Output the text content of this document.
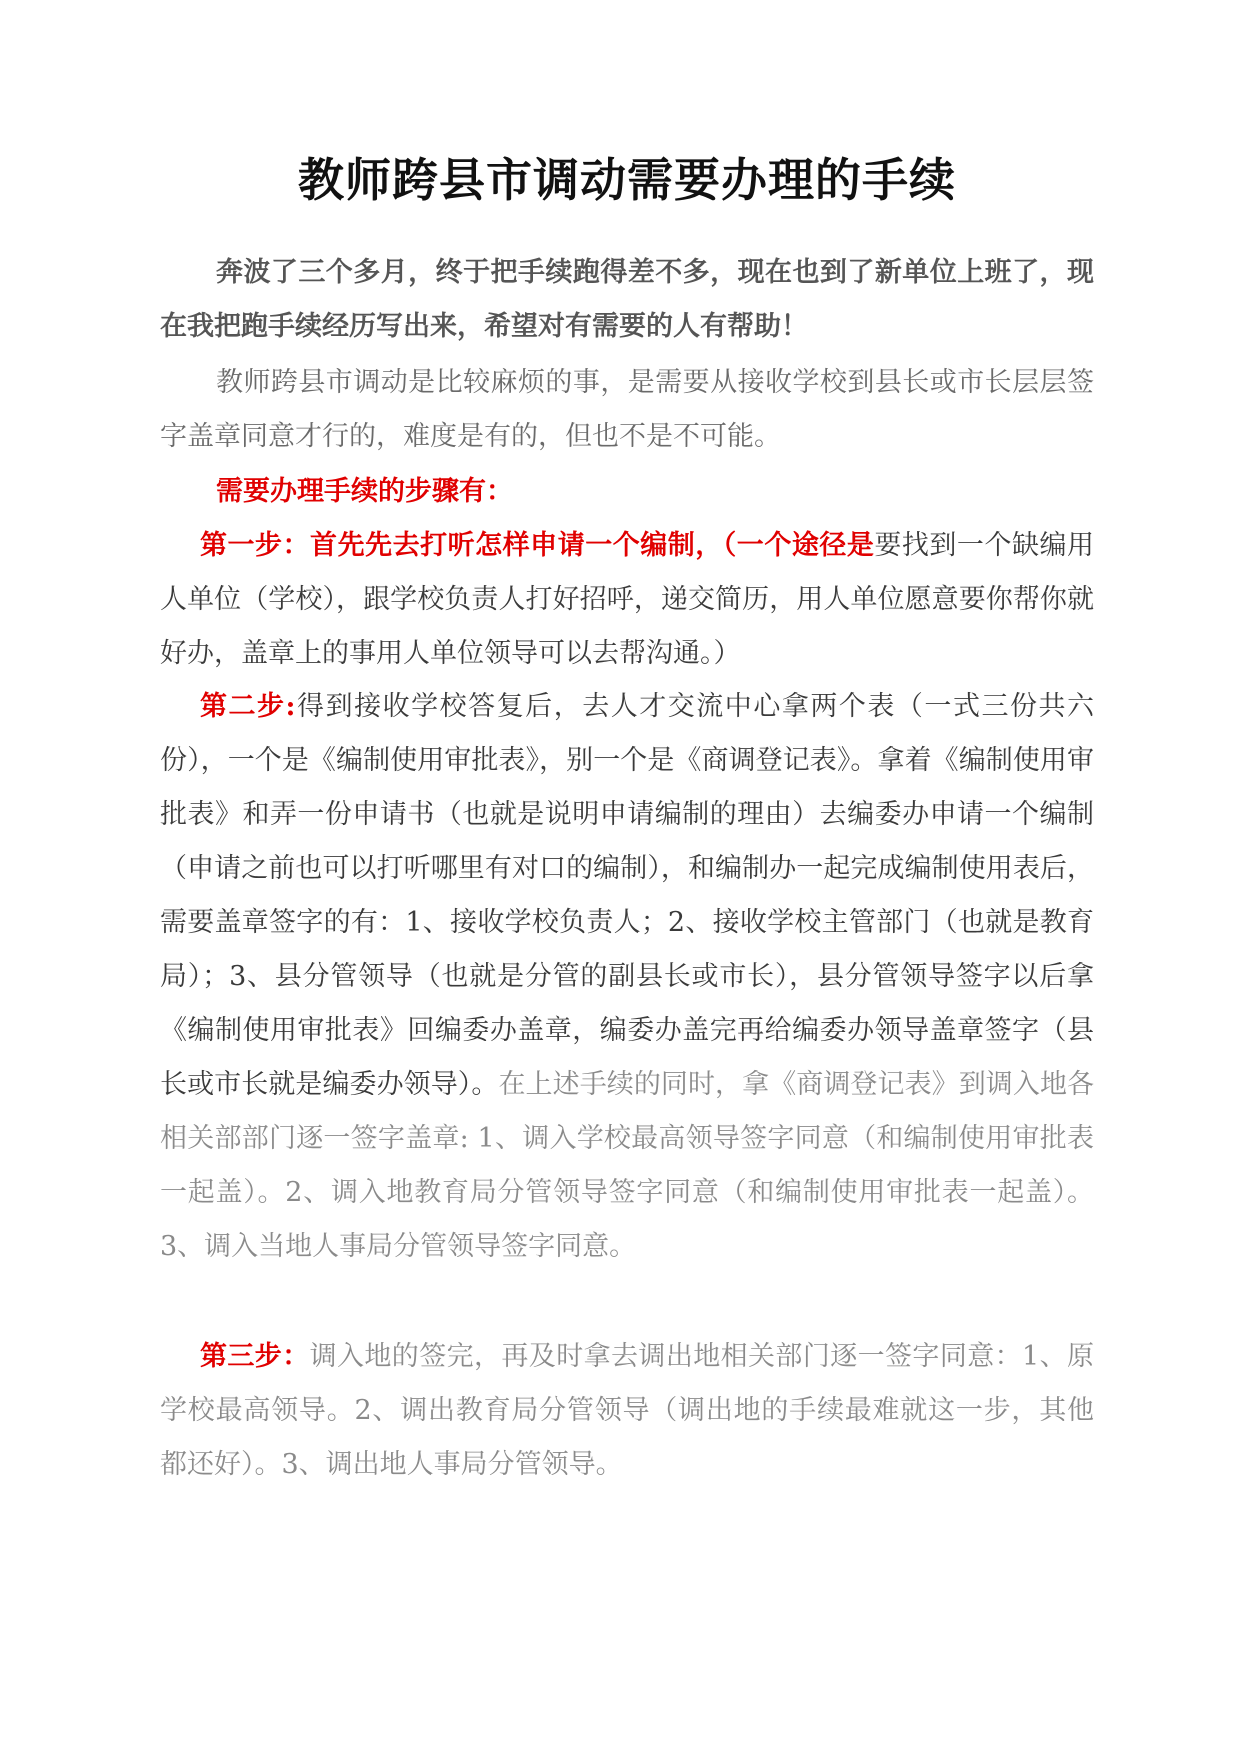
教师跨县市调动需要办理的手续

奔波了三个多月，终于把手续跑得差不多，现在也到了新单位上班了，现在我把跑手续经历写出来，希望对有需要的人有帮助！

教师跨县市调动是比较麻烦的事，是需要从接收学校到县长或市长层层签字盖章同意才行的，难度是有的，但也不是不可能。

需要办理手续的步骤有：

第一步：首先先去打听怎样申请一个编制，（一个途径是要找到一个缺编用人单位（学校），跟学校负责人打好招呼，递交简历，用人单位愿意要你帮你就好办，盖章上的事用人单位领导可以去帮沟通。）

第二步:得到接收学校答复后，去人才交流中心拿两个表（一式三份共六份），一个是《编制使用审批表》，别一个是《商调登记表》。拿着《编制使用审批表》和弄一份申请书（也就是说明申请编制的理由）去编委办申请一个编制（申请之前也可以打听哪里有对口的编制），和编制办一起完成编制使用表后，需要盖章签字的有：1、接收学校负责人；2、接收学校主管部门（也就是教育局）；3、县分管领导（也就是分管的副县长或市长），县分管领导签字以后拿《编制使用审批表》回编委办盖章，编委办盖完再给编委办领导盖章签字（县长或市长就是编委办领导）。在上述手续的同时，拿《商调登记表》到调入地各相关部部门逐一签字盖章: 1、调入学校最高领导签字同意（和编制使用审批表一起盖）。2、调入地教育局分管领导签字同意（和编制使用审批表一起盖）。3、调入当地人事局分管领导签字同意。

第三步：调入地的签完，再及时拿去调出地相关部门逐一签字同意：1、原学校最高领导。2、调出教育局分管领导（调出地的手续最难就这一步，其他都还好）。3、调出地人事局分管领导。
